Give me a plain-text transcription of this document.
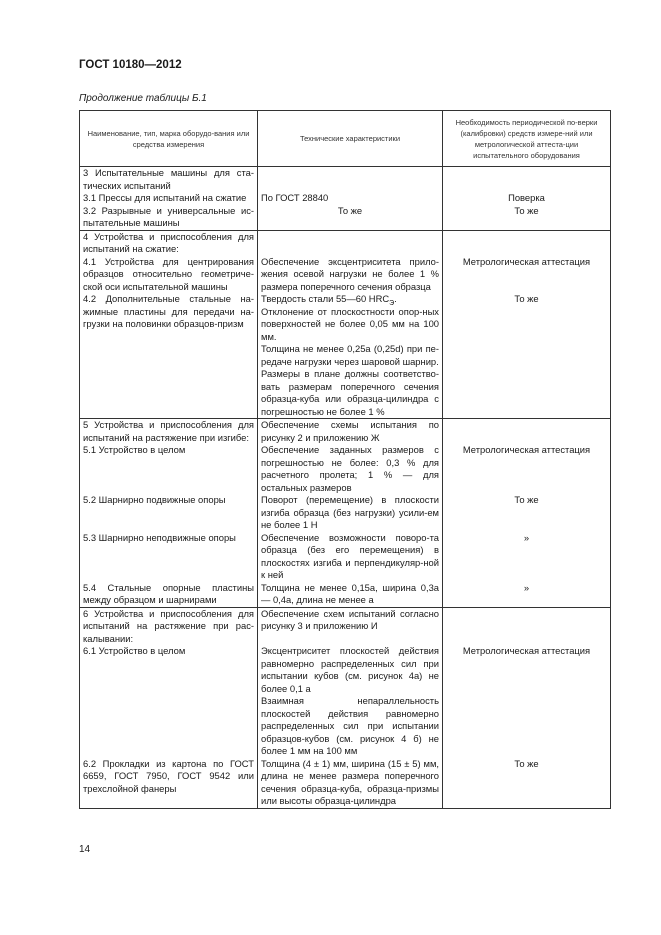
ГОСТ 10180—2012
Продолжение таблицы Б.1
Наименование, тип, марка оборудо-вания или средства измерения	Технические характеристики	Необходимость периодической по-верки (калибровки) средств измере-ний или метрологической аттеста-ции испытательного оборудования
3 Испытательные машины для ста-тических испытаний		
3.1 Прессы для испытаний на сжатие	По ГОСТ 28840	Поверка
3.2 Разрывные и универсальные ис-пытательные машины	То же	То же
4 Устройства и приспособления для испытаний на сжатие:		
4.1 Устройства для центрирования образцов относительно геометриче-ской оси испытательной машины	Обеспечение эксцентриситета прило-жения осевой нагрузки не более 1 % размера поперечного сечения образца	Метрологическая аттестация
4.2 Дополнительные стальные на-жимные пластины для передачи на-грузки на половинки образцов-призм	Твердость стали 55—60 $HRC_Э$.
Отклонение от плоскостности опор-ных поверхностей не более 0,05 мм на 100 мм.
Толщина не менее 0,25a (0,25d) при пе-редаче нагрузки через шаровой шарнир.
Размеры в плане должны соответство-вать размерам поперечного сечения образца-куба или образца-цилиндра с погрешностью не более 1 %	То же
5 Устройства и приспособления для испытаний на растяжение при изгибе:	Обеспечение схемы испытания по рисунку 2 и приложению Ж	
5.1 Устройство в целом	Обеспечение заданных размеров с погрешностью не более: 0,3 % для расчетного пролета; 1 % — для остальных размеров	Метрологическая аттестация
5.2 Шарнирно подвижные опоры	Поворот (перемещение) в плоскости изгиба образца (без нагрузки) усили-ем не более 1 Н	То же
5.3 Шарнирно неподвижные опоры	Обеспечение возможности поворо-та образца (без его перемещения) в плоскостях изгиба и перпендикуляр-ной к ней	»
5.4 Стальные опорные пластины между образцом и шарнирами	Толщина не менее 0,15a, ширина 0,3a — 0,4a, длина не менее a	»
6 Устройства и приспособления для испытаний на растяжение при рас-калывании:	Обеспечение схем испытаний согласно рисунку 3 и приложению И	
6.1 Устройство в целом	Эксцентриситет плоскостей действия равномерно распределенных сил при испытании кубов (см. рисунок 4a) не более 0,1 a
Взаимная непараллельность плоскостей действия равномерно распределенных сил при испытании образцов-кубов (см. рисунок 4 б) не более 1 мм на 100 мм	Метрологическая аттестация
6.2 Прокладки из картона по ГОСТ 6659, ГОСТ 7950, ГОСТ 9542 или трехслойной фанеры	Толщина (4 ± 1) мм, ширина (15 ± 5) мм, длина не менее размера поперечного сечения образца-куба, образца-призмы или высоты образца-цилиндра	То же
14
